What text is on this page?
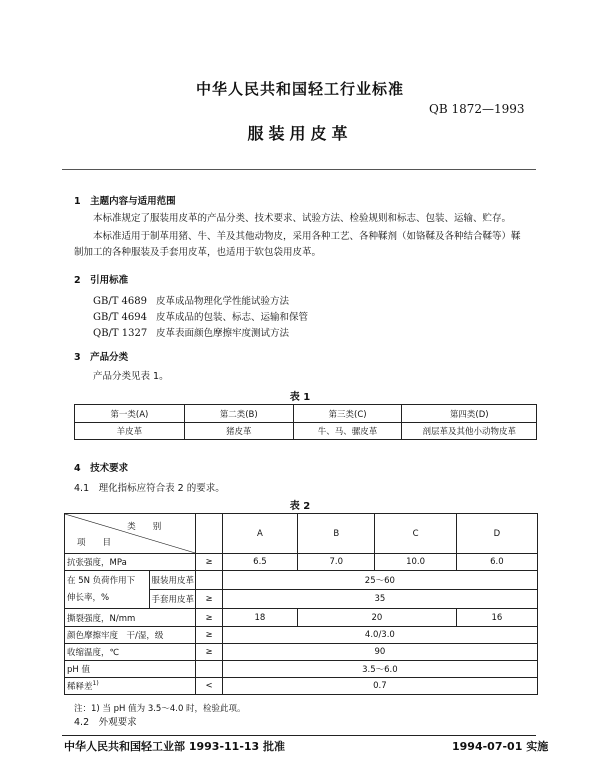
中华人民共和国轻工行业标准
QB 1872—1993
服装用皮革
1　主题内容与适用范围
本标准规定了服装用皮革的产品分类、技术要求、试验方法、检验规则和标志、包装、运输、贮存。
本标准适用于制革用猪、牛、羊及其他动物皮，采用各种工艺、各种鞣剂（如铬鞣及各种结合鞣等）鞣
制加工的各种服装及手套用皮革，也适用于软包袋用皮革。
2　引用标准
GB/T 4689 皮革成品物理化学性能试验方法
GB/T 4694 皮革成品的包装、标志、运输和保管
QB/T 1327 皮革表面颜色摩擦牢度测试方法
3　产品分类
产品分类见表 1。
表 1
第一类(A)	第二类(B)	第三类(C)	第四类(D)
羊皮革	猪皮革	牛、马、骡皮革	剖层革及其他小动物皮革
4　技术要求
4.1　理化指标应符合表 2 的要求。
表 2
类　　别
项　　目			A	B	C	D
抗张强度，MPa		≥	6.5	7.0	10.0	6.0
在 5N 负荷作用下
伸长率，%	服装用皮革		25～60			
	手套用皮革	≥	35			
撕裂强度，N/mm		≥	18	20		16
颜色摩擦牢度　干/湿，级		≥	4.0/3.0			
收缩温度，℃		≥	90			
pH 值			3.5～6.0			
稀释差$^{1)}$		<	0.7			
注：1) 当 pH 值为 3.5～4.0 时，检验此项。
4.2　外观要求
中华人民共和国轻工业部 1993-11-13 批准	1994-07-01 实施
